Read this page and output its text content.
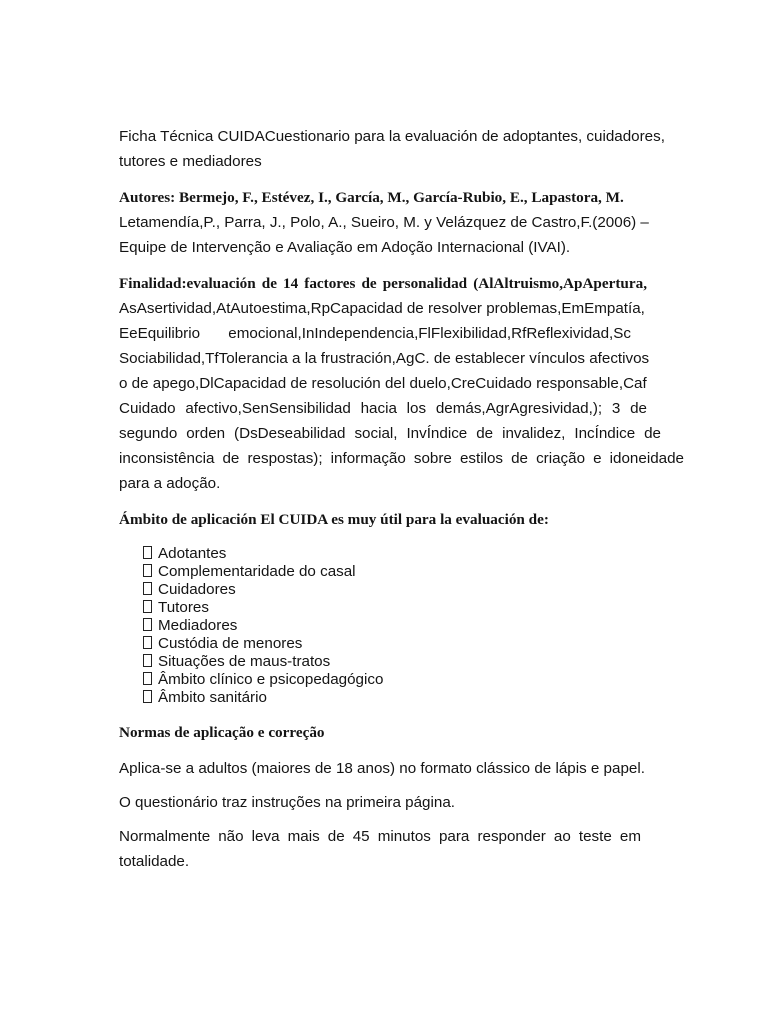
Ficha Técnica CUIDACuestionario para la evaluación de adoptantes, cuidadores,
tutores e mediadores
Autores: Bermejo, F., Estévez, I., García, M., García-Rubio, E., Lapastora, M.
Letamendía,P., Parra, J., Polo, A., Sueiro, M. y Velázquez de Castro,F.(2006) –
Equipe de Intervenção e Avaliação em Adoção Internacional (IVAI).
Finalidad:evaluación de 14 factores de personalidad (AlAltruismo,ApApertura,
AsAsertividad,AtAutoestima,RpCapacidad de resolver problemas,EmEmpatía,
EeEquilibrio emocional,InIndependencia,FlFlexibilidad,RfReflexividad,Sc
Sociabilidad,TfTolerancia a la frustración,AgC. de establecer vínculos afectivos
o de apego,DlCapacidad de resolución del duelo,CreCuidado responsable,Caf
Cuidado afectivo,SenSensibilidad hacia los demás,AgrAgresividad,); 3 de
segundo orden (DsDeseabilidad social, InvÍndice de invalidez, IncÍndice de
inconsistência de respostas); informação sobre estilos de criação e idoneidade
para a adoção.
Ámbito de aplicación El CUIDA es muy útil para la evaluación de:
Adotantes
Complementaridade do casal
Cuidadores
Tutores
Mediadores
Custódia de menores
Situações de maus-tratos
Âmbito clínico e psicopedagógico
Âmbito sanitário
Normas de aplicação e correção
Aplica-se a adultos (maiores de 18 anos) no formato clássico de lápis e papel.
O questionário traz instruções na primeira página.
Normalmente não leva mais de 45 minutos para responder ao teste em
totalidade.
